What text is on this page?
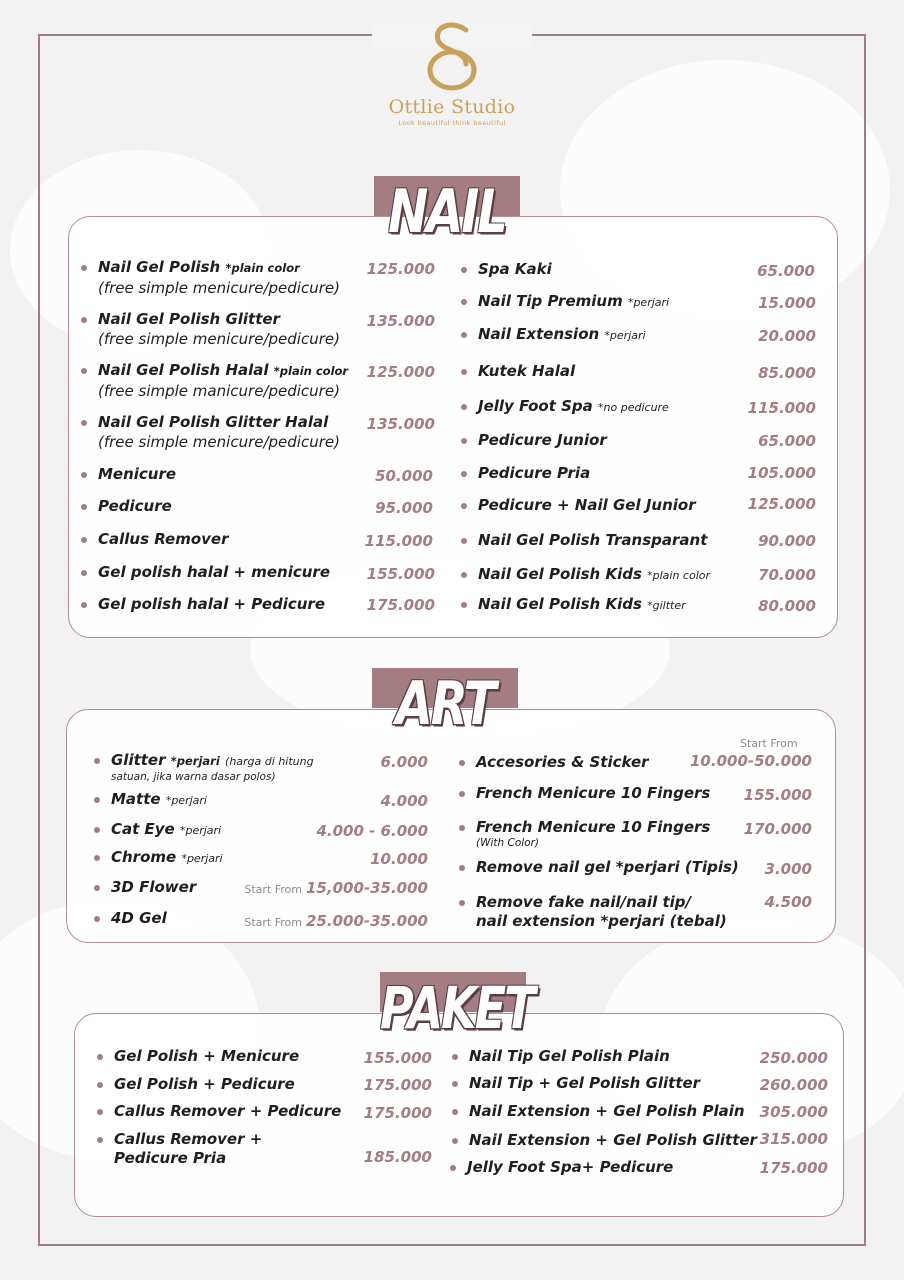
Ottlie Studio
Look beautiful think beautiful
NAIL
Nail Gel Polish *plain color
(free simple menicure/pedicure)
125.000
Nail Gel Polish Glitter
(free simple menicure/pedicure)
135.000
Nail Gel Polish Halal *plain color
(free simple manicure/pedicure)
125.000
Nail Gel Polish Glitter Halal
(free simple menicure/pedicure)
135.000
Menicure	50.000
Pedicure	95.000
Callus Remover	115.000
Gel polish halal + menicure	155.000
Gel polish halal + Pedicure	175.000
Spa Kaki	65.000
Nail Tip Premium *perjari	15.000
Nail Extension *perjari	20.000
Kutek Halal	85.000
Jelly Foot Spa *no pedicure	115.000
Pedicure Junior	65.000
Pedicure Pria	105.000
Pedicure + Nail Gel Junior	125.000
Nail Gel Polish Transparant	90.000
Nail Gel Polish Kids *plain color	70.000
Nail Gel Polish Kids *giltter	80.000
ART
Glitter *perjari (harga di hitung
satuan, jika warna dasar polos)
6.000
Matte *perjari	4.000
Cat Eye *perjari	4.000 - 6.000
Chrome *perjari	10.000
3D Flower	Start From 15,000-35.000
4D Gel	Start From 25.000-35.000
Start From
Accesories & Sticker	10.000-50.000
French Menicure 10 Fingers	155.000
French Menicure 10 Fingers
(With Color)
170.000
Remove nail gel *perjari (Tipis)	3.000
Remove fake nail/nail tip/
nail extension *perjari (tebal)
4.500
PAKET
Gel Polish + Menicure	155.000
Gel Polish + Pedicure	175.000
Callus Remover + Pedicure	175.000
Callus Remover +
Pedicure Pria	185.000
Nail Tip Gel Polish Plain	250.000
Nail Tip + Gel Polish Glitter	260.000
Nail Extension + Gel Polish Plain	305.000
Nail Extension + Gel Polish Glitter 315.000
Jelly Foot Spa+ Pedicure	175.000
